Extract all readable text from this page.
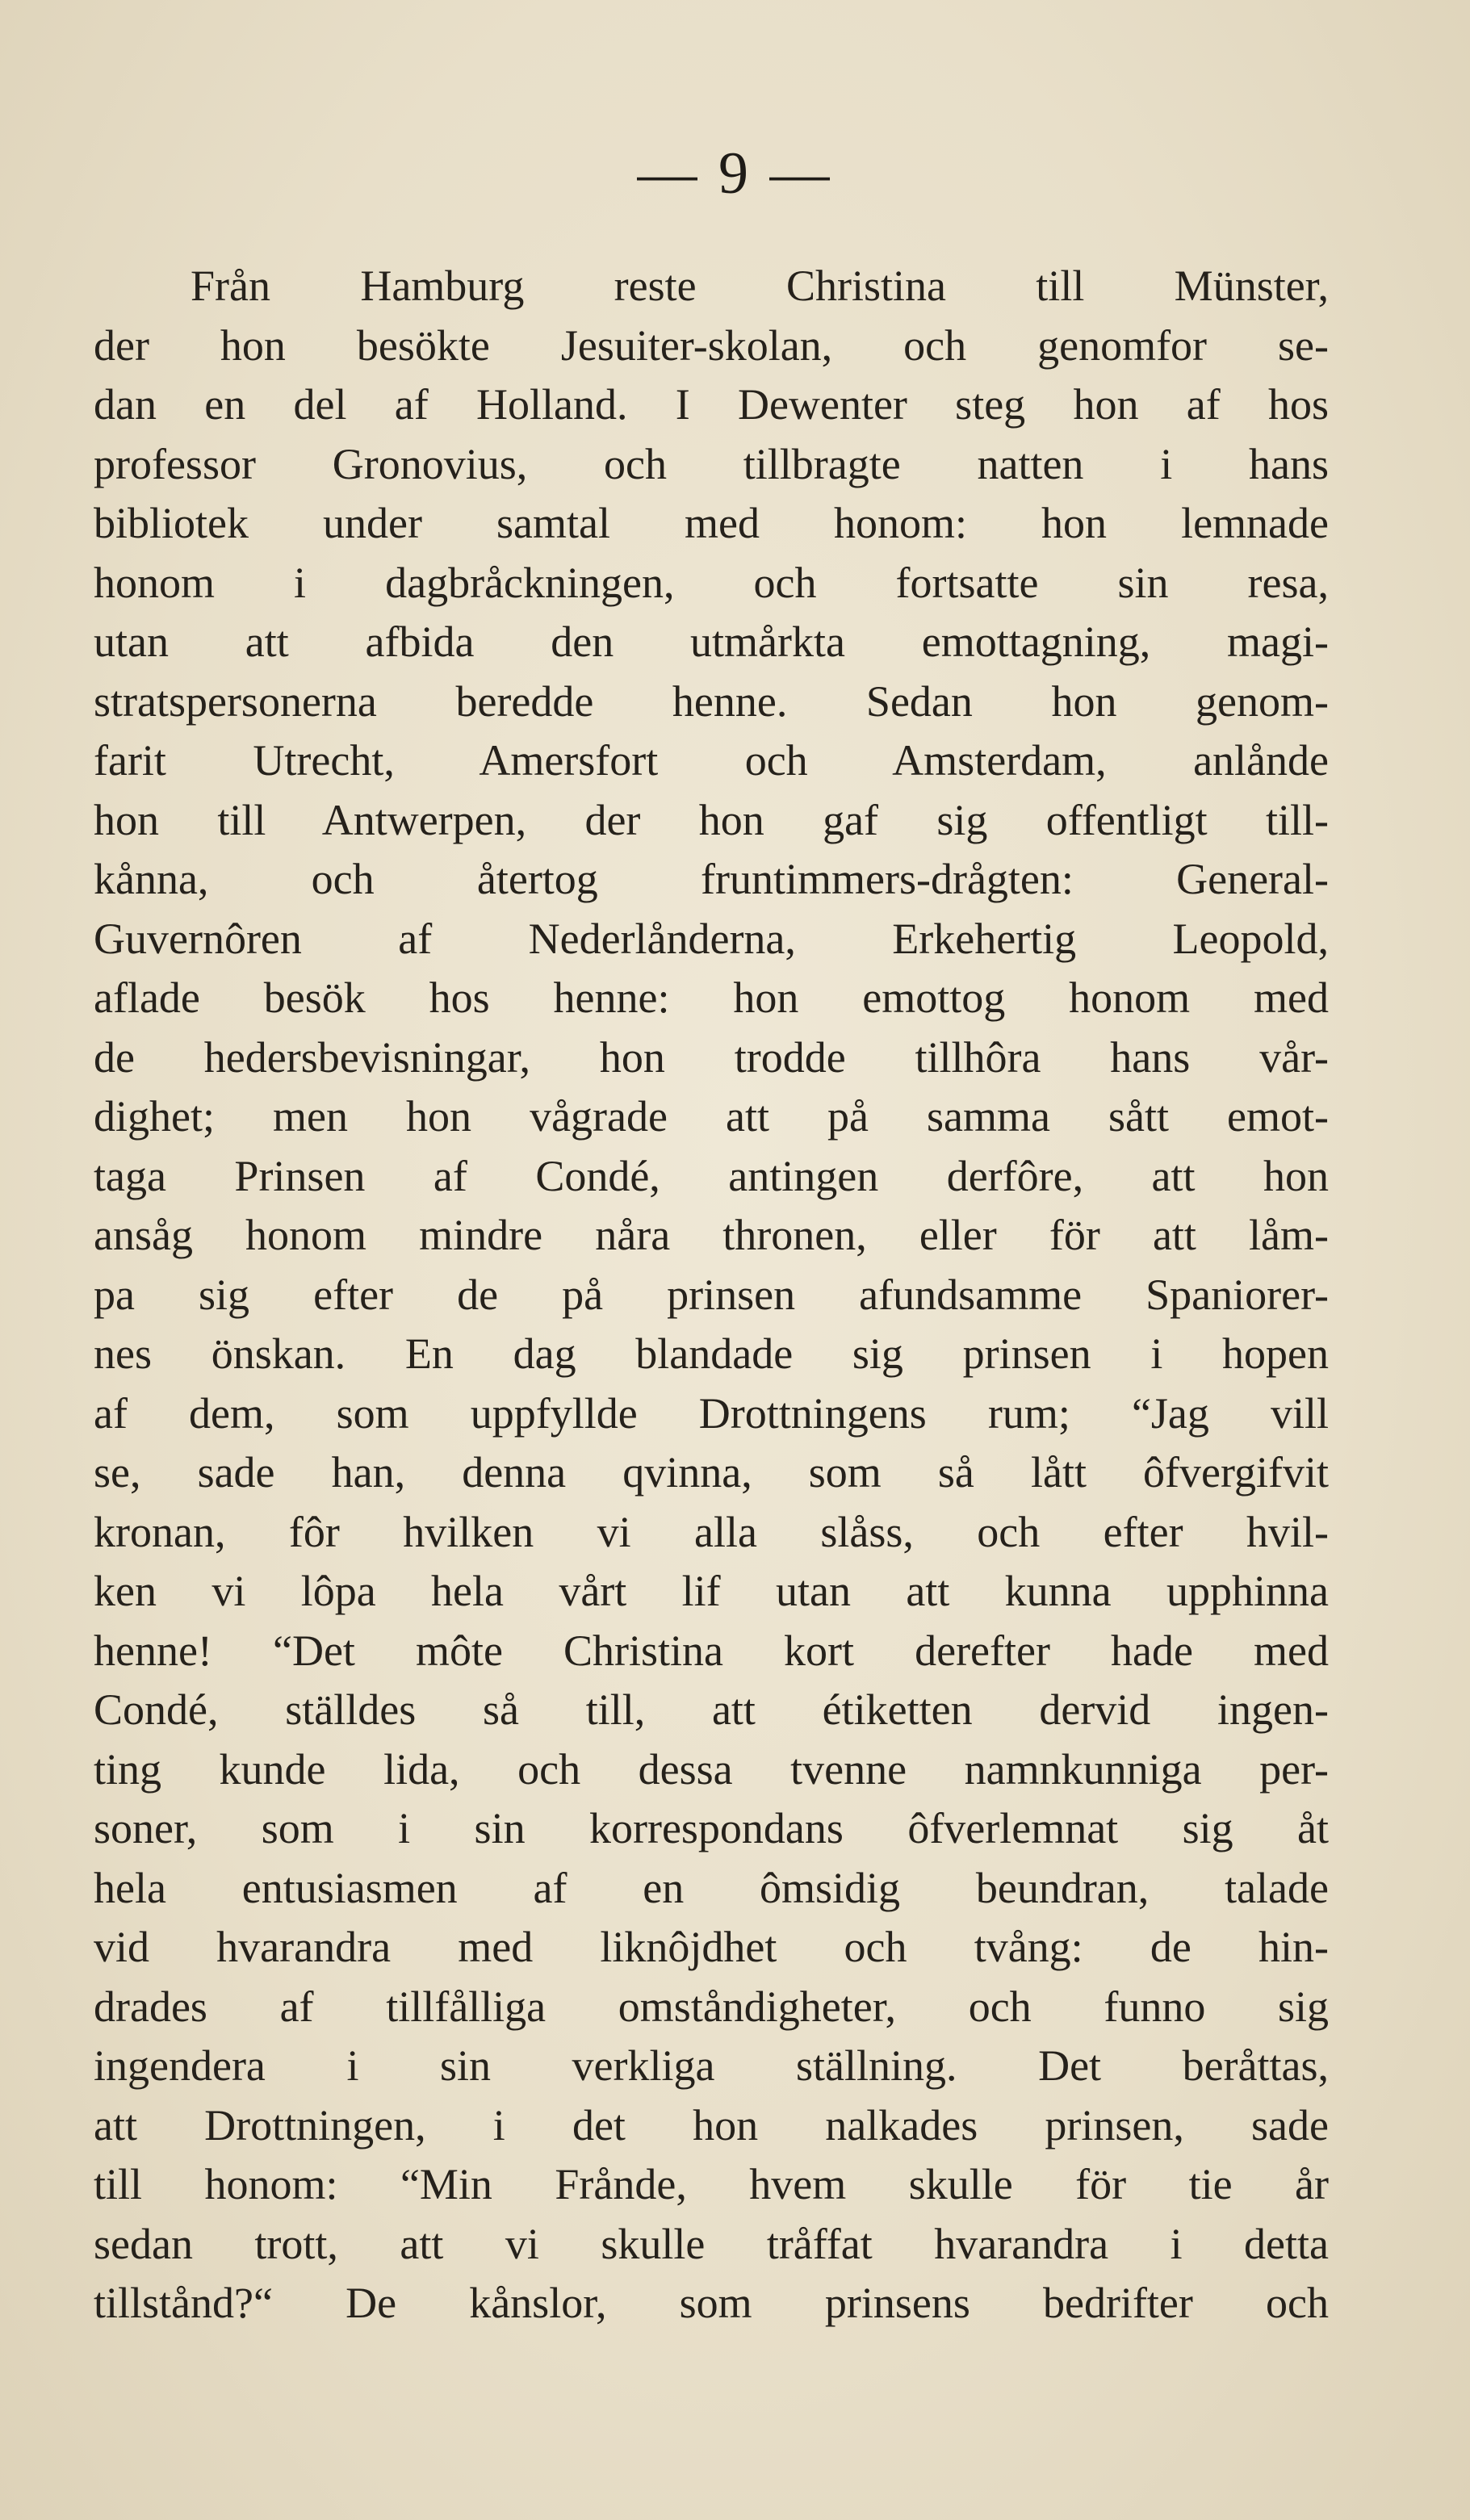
— 9 —
Från Hamburg reste Christina till Münster,
der hon besökte Jesuiter-skolan, och genomfor se-
dan en del af Holland. I Dewenter steg hon af hos
professor Gronovius, och tillbragte natten i hans
bibliotek under samtal med honom: hon lemnade
honom i dagbråckningen, och fortsatte sin resa,
utan att afbida den utmårkta emottagning, magi-
stratspersonerna beredde henne. Sedan hon genom-
farit Utrecht, Amersfort och Amsterdam, anlånde
hon till Antwerpen, der hon gaf sig offentligt till-
kånna, och återtog fruntimmers-drågten: General-
Guvernôren af Nederlånderna, Erkehertig Leopold,
aflade besök hos henne: hon emottog honom med
de hedersbevisningar, hon trodde tillhôra hans vår-
dighet; men hon vågrade att på samma sått emot-
taga Prinsen af Condé, antingen derfôre, att hon
ansåg honom mindre nåra thronen, eller för att låm-
pa sig efter de på prinsen afundsamme Spaniorer-
nes önskan. En dag blandade sig prinsen i hopen
af dem, som uppfyllde Drottningens rum; “Jag vill
se, sade han, denna qvinna, som så lått ôfvergifvit
kronan, fôr hvilken vi alla slåss, och efter hvil-
ken vi lôpa hela vårt lif utan att kunna upphinna
henne! “Det môte Christina kort derefter hade med
Condé, ställdes så till, att étiketten dervid ingen-
ting kunde lida, och dessa tvenne namnkunniga per-
soner, som i sin korrespondans ôfverlemnat sig åt
hela entusiasmen af en ômsidig beundran, talade
vid hvarandra med liknôjdhet och tvång: de hin-
drades af tillfålliga omståndigheter, och funno sig
ingendera i sin verkliga ställning. Det beråttas,
att Drottningen, i det hon nalkades prinsen, sade
till honom: “Min Frånde, hvem skulle för tie år
sedan trott, att vi skulle tråffat hvarandra i detta
tillstånd?“ De kånslor, som prinsens bedrifter och
